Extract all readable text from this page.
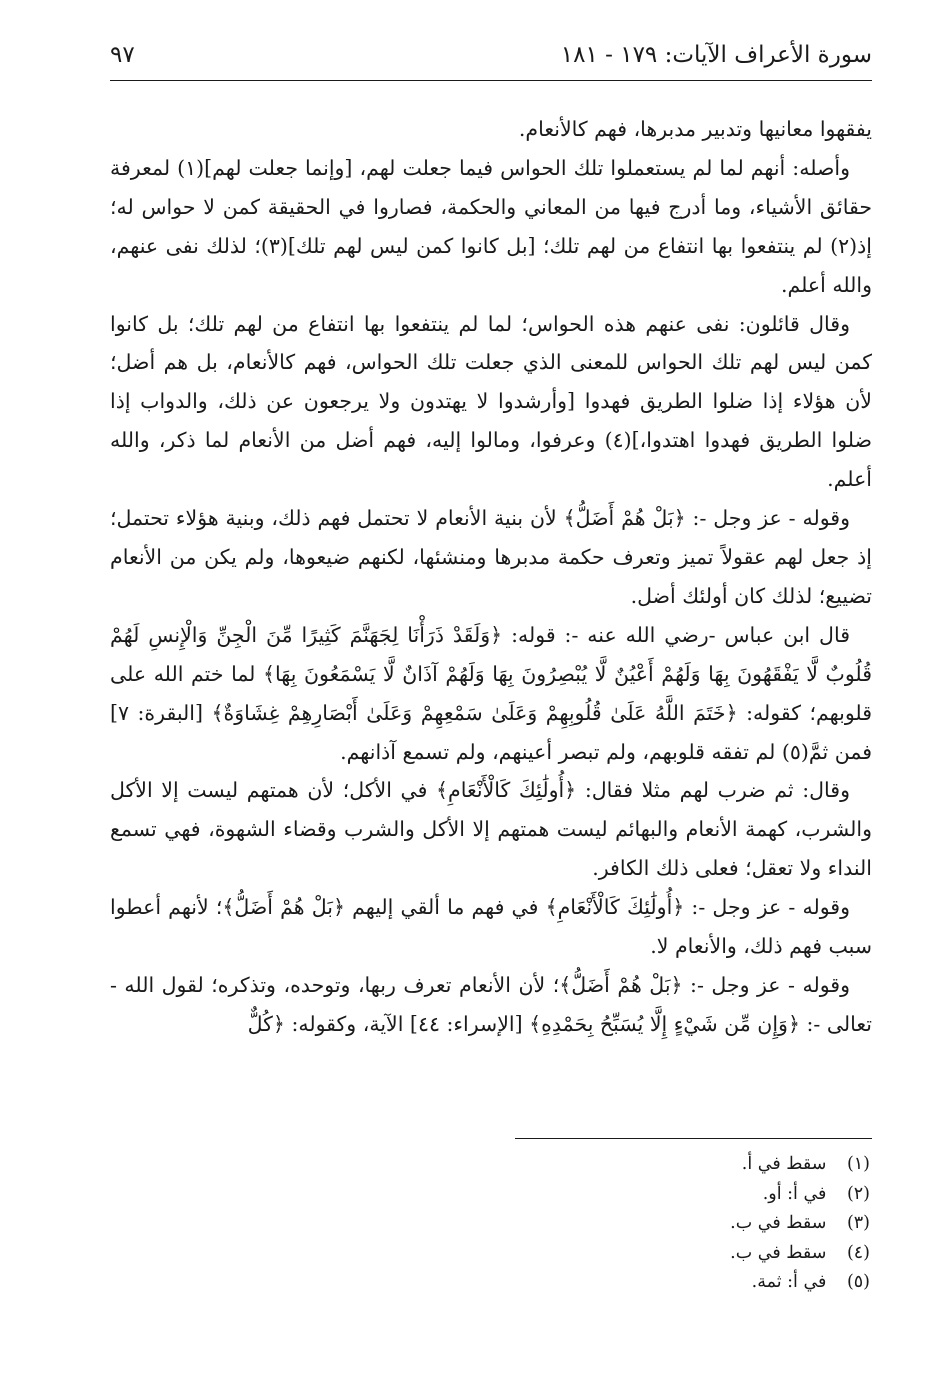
سورة الأعراف الآيات: ١٧٩ - ١٨١
٩٧

يفقهوا معانيها وتدبير مدبرها، فهم كالأنعام.

وأصله: أنهم لما لم يستعملوا تلك الحواس فيما جعلت لهم، [وإنما جعلت لهم](١) لمعرفة حقائق الأشياء، وما أدرج فيها من المعاني والحكمة، فصاروا في الحقيقة كمن لا حواس له؛ إذ(٢) لم ينتفعوا بها انتفاع من لهم تلك؛ [بل كانوا كمن ليس لهم تلك](٣)؛ لذلك نفى عنهم، والله أعلم.

وقال قائلون: نفى عنهم هذه الحواس؛ لما لم ينتفعوا بها انتفاع من لهم تلك؛ بل كانوا كمن ليس لهم تلك الحواس للمعنى الذي جعلت تلك الحواس، فهم كالأنعام، بل هم أضل؛ لأن هؤلاء إذا ضلوا الطريق فهدوا [وأرشدوا لا يهتدون ولا يرجعون عن ذلك، والدواب إذا ضلوا الطريق فهدوا اهتدوا،](٤) وعرفوا، ومالوا إليه، فهم أضل من الأنعام لما ذكر، والله أعلم.

وقوله - عز وجل -: ﴿بَلْ هُمْ أَضَلُّ﴾ لأن بنية الأنعام لا تحتمل فهم ذلك، وبنية هؤلاء تحتمل؛ إذ جعل لهم عقولاً تميز وتعرف حكمة مدبرها ومنشئها، لكنهم ضيعوها، ولم يكن من الأنعام تضييع؛ لذلك كان أولئك أضل.

قال ابن عباس -رضي الله عنه -: قوله: ﴿وَلَقَدْ ذَرَأْنَا لِجَهَنَّمَ كَثِيرًا مِّنَ الْجِنِّ وَالْإِنسِ لَهُمْ قُلُوبٌ لَّا يَفْقَهُونَ بِهَا وَلَهُمْ أَعْيُنٌ لَّا يُبْصِرُونَ بِهَا وَلَهُمْ آذَانٌ لَّا يَسْمَعُونَ بِهَا﴾ لما ختم الله على قلوبهم؛ كقوله: ﴿خَتَمَ اللَّهُ عَلَىٰ قُلُوبِهِمْ وَعَلَىٰ سَمْعِهِمْ وَعَلَىٰ أَبْصَارِهِمْ غِشَاوَةٌ﴾ [البقرة: ٧] فمن ثمَّ(٥) لم تفقه قلوبهم، ولم تبصر أعينهم، ولم تسمع آذانهم.

وقال: ثم ضرب لهم مثلا فقال: ﴿أُولَٰئِكَ كَالْأَنْعَامِ﴾ في الأكل؛ لأن همتهم ليست إلا الأكل والشرب، كهمة الأنعام والبهائم ليست همتهم إلا الأكل والشرب وقضاء الشهوة، فهي تسمع النداء ولا تعقل؛ فعلى ذلك الكافر.

وقوله - عز وجل -: ﴿أُولَٰئِكَ كَالْأَنْعَامِ﴾ في فهم ما ألقي إليهم ﴿بَلْ هُمْ أَضَلُّ﴾؛ لأنهم أعطوا سبب فهم ذلك، والأنعام لا.

وقوله - عز وجل -: ﴿بَلْ هُمْ أَضَلُّ﴾؛ لأن الأنعام تعرف ربها، وتوحده، وتذكره؛ لقول الله - تعالى -: ﴿وَإِن مِّن شَيْءٍ إِلَّا يُسَبِّحُ بِحَمْدِهِ﴾ [الإسراء: ٤٤] الآية، وكقوله: ﴿كُلٌّ

(١) سقط في أ.
(٢) في أ: أو.
(٣) سقط في ب.
(٤) سقط في ب.
(٥) في أ: ثمة.
